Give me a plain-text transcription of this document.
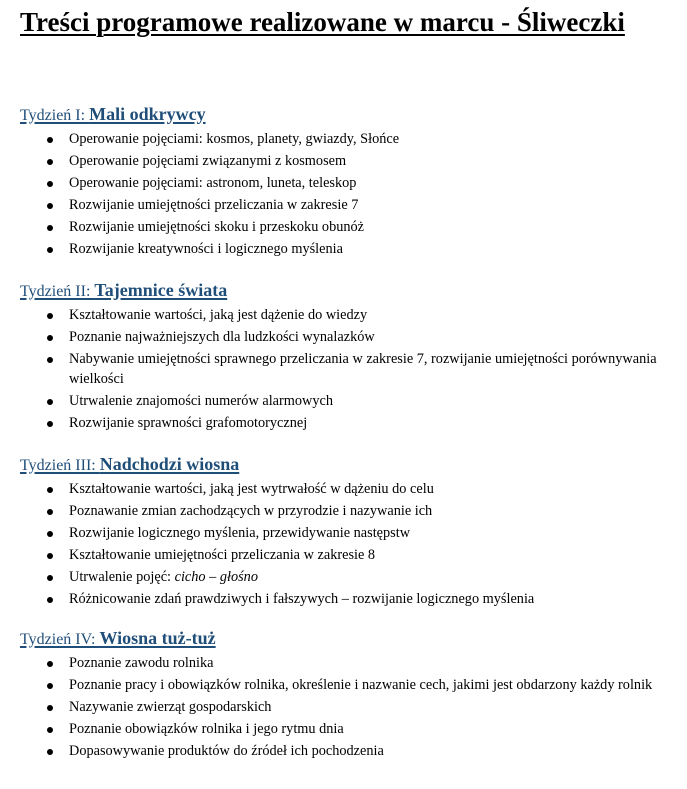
Treści programowe realizowane w marcu - Śliweczki
Tydzień I: Mali odkrywcy
Operowanie pojęciami: kosmos, planety, gwiazdy, Słońce
Operowanie pojęciami związanymi z kosmosem
Operowanie pojęciami: astronom, luneta, teleskop
Rozwijanie umiejętności przeliczania w zakresie 7
Rozwijanie umiejętności skoku i przeskoku obunóż
Rozwijanie kreatywności i logicznego myślenia
Tydzień II: Tajemnice świata
Kształtowanie wartości, jaką jest dążenie do wiedzy
Poznanie najważniejszych dla ludzkości wynalazków
Nabywanie umiejętności sprawnego przeliczania w zakresie 7, rozwijanie umiejętności porównywania wielkości
Utrwalenie znajomości numerów alarmowych
Rozwijanie sprawności grafomotorycznej
Tydzień III: Nadchodzi wiosna
Kształtowanie wartości, jaką jest wytrwałość w dążeniu do celu
Poznawanie zmian zachodzących w przyrodzie i nazywanie ich
Rozwijanie logicznego myślenia, przewidywanie następstw
Kształtowanie umiejętności przeliczania w zakresie 8
Utrwalenie pojęć: cicho – głośno
Różnicowanie zdań prawdziwych i fałszywych – rozwijanie logicznego myślenia
Tydzień IV: Wiosna tuż-tuż
Poznanie zawodu rolnika
Poznanie pracy i obowiązków rolnika, określenie i nazwanie cech, jakimi jest obdarzony każdy rolnik
Nazywanie zwierząt gospodarskich
Poznanie obowiązków rolnika i jego rytmu dnia
Dopasowywanie produktów do źródeł ich pochodzenia
